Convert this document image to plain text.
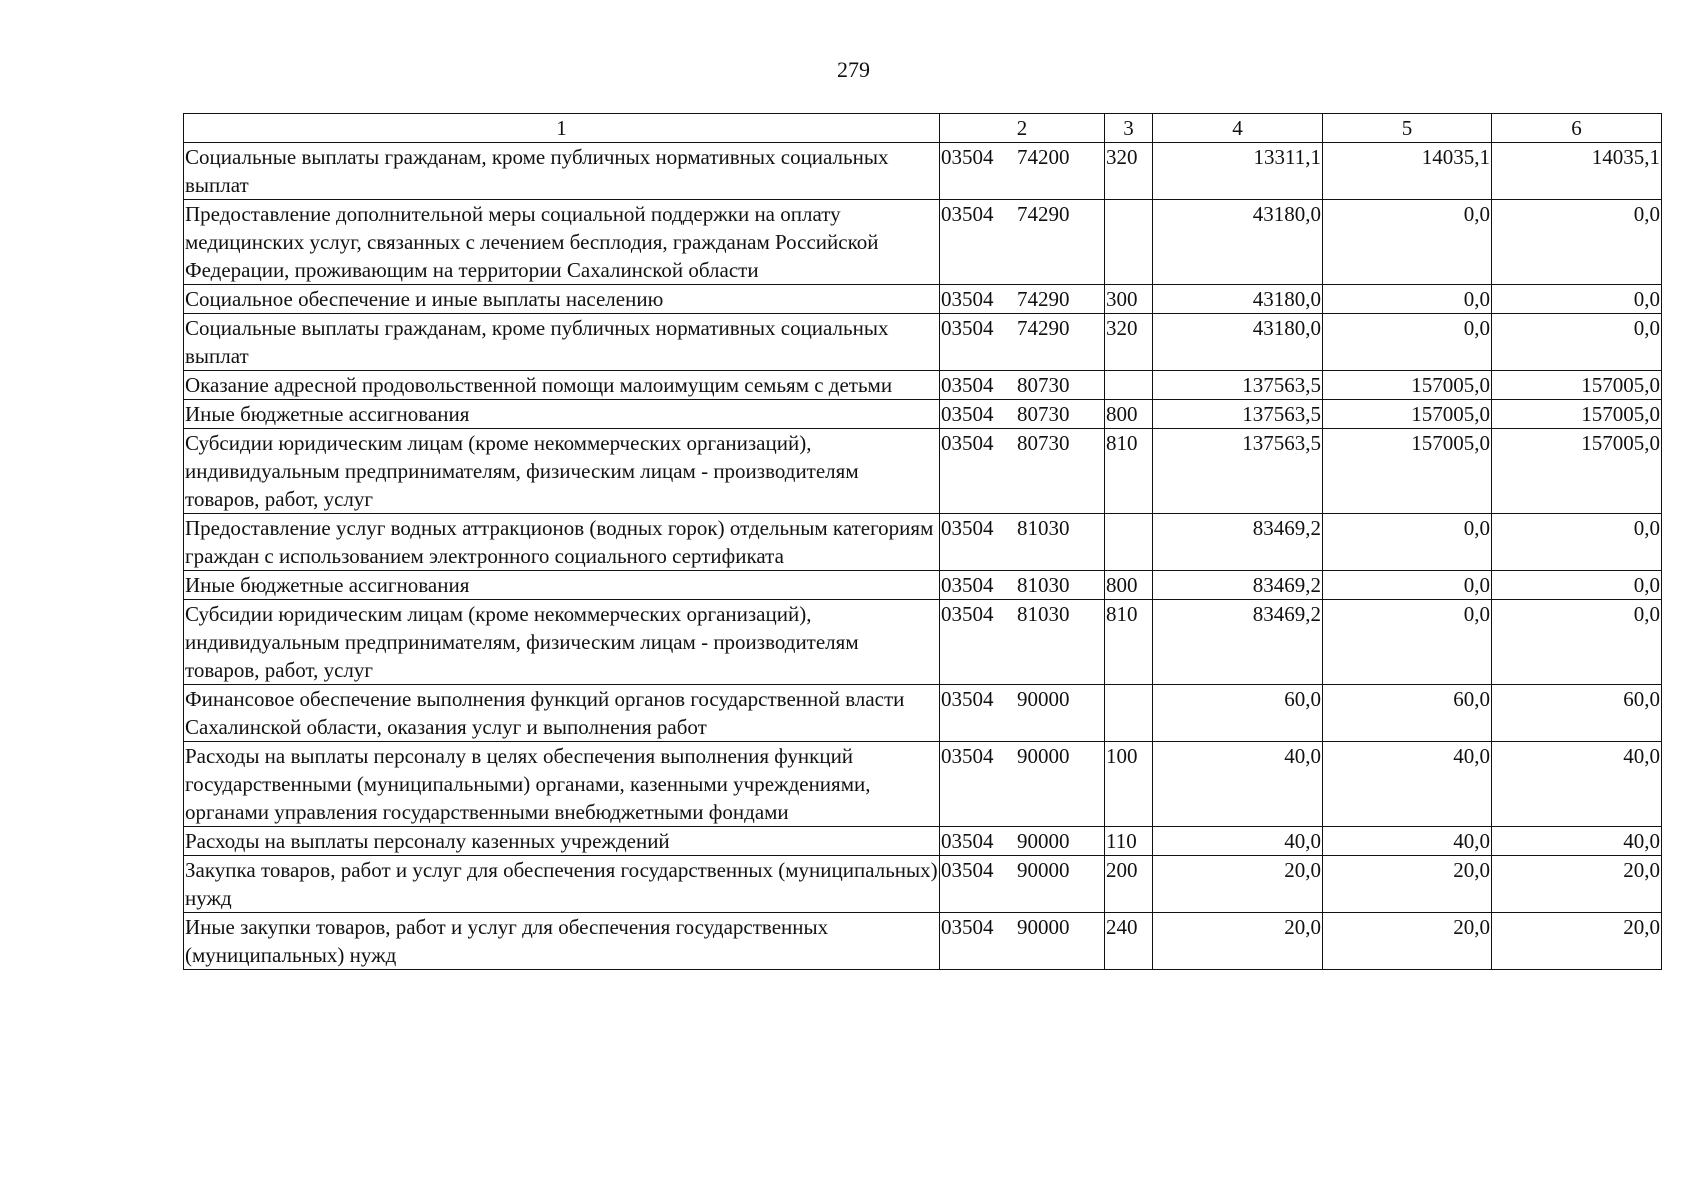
279
1	2	3	4	5	6
Социальные выплаты гражданам, кроме публичных нормативных социальных выплат	03504 74200	320	13311,1	14035,1	14035,1
Предоставление дополнительной меры социальной поддержки на оплату медицинских услуг, связанных с лечением бесплодия, гражданам Российской Федерации, проживающим на территории Сахалинской области	03504 74290		43180,0	0,0	0,0
Социальное обеспечение и иные выплаты населению	03504 74290	300	43180,0	0,0	0,0
Социальные выплаты гражданам, кроме публичных нормативных социальных выплат	03504 74290	320	43180,0	0,0	0,0
Оказание адресной продовольственной помощи малоимущим семьям с детьми	03504 80730		137563,5	157005,0	157005,0
Иные бюджетные ассигнования	03504 80730	800	137563,5	157005,0	157005,0
Субсидии юридическим лицам (кроме некоммерческих организаций), индивидуальным предпринимателям, физическим лицам - производителям товаров, работ, услуг	03504 80730	810	137563,5	157005,0	157005,0
Предоставление услуг водных аттракционов (водных горок) отдельным категориям граждан с использованием электронного социального сертификата	03504 81030		83469,2	0,0	0,0
Иные бюджетные ассигнования	03504 81030	800	83469,2	0,0	0,0
Субсидии юридическим лицам (кроме некоммерческих организаций), индивидуальным предпринимателям, физическим лицам - производителям товаров, работ, услуг	03504 81030	810	83469,2	0,0	0,0
Финансовое обеспечение выполнения функций органов государственной власти Сахалинской области, оказания услуг и выполнения работ	03504 90000		60,0	60,0	60,0
Расходы на выплаты персоналу в целях обеспечения выполнения функций государственными (муниципальными) органами, казенными учреждениями, органами управления государственными внебюджетными фондами	03504 90000	100	40,0	40,0	40,0
Расходы на выплаты персоналу казенных учреждений	03504 90000	110	40,0	40,0	40,0
Закупка товаров, работ и услуг для обеспечения государственных (муниципальных) нужд	03504 90000	200	20,0	20,0	20,0
Иные закупки товаров, работ и услуг для обеспечения государственных (муниципальных) нужд	03504 90000	240	20,0	20,0	20,0
